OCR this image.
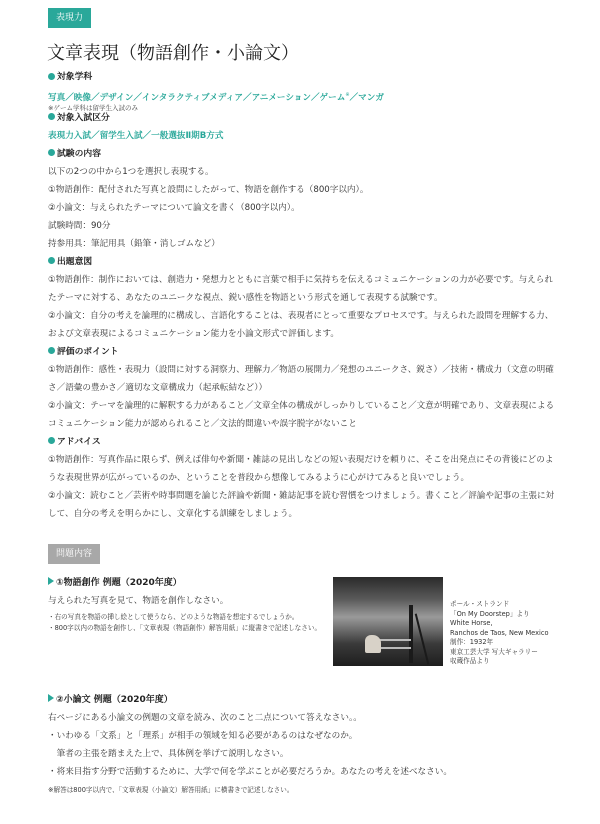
表現力
文章表現（物語創作・小論文）
対象学科
写真／映像／デザイン／インタラクティブメディア／アニメーション／ゲーム※／マンガ
※ゲーム学科は留学生入試のみ
対象入試区分
表現力入試／留学生入試／一般選抜Ⅱ期B方式
試験の内容

以下の2つの中から1つを選択し表現する。

①物語創作：配付された写真と設問にしたがって、物語を創作する（800字以内）。

②小論文：与えられたテーマについて論文を書く（800字以内）。

試験時間：90分

持参用具：筆記用具（鉛筆・消しゴムなど）

出題意図

①物語創作：制作においては、創造力・発想力とともに言葉で相手に気持ちを伝えるコミュニケーションの力が必要です。与えられたテーマに対する、あなたのユニークな視点、鋭い感性を物語という形式を通して表現する試験です。

②小論文：自分の考えを論理的に構成し、言語化することは、表現者にとって重要なプロセスです。与えられた設問を理解する力、および文章表現によるコミュニケーション能力を小論文形式で評価します。

評価のポイント

①物語創作：感性・表現力（設問に対する洞察力、理解力／物語の展開力／発想のユニークさ、鋭さ）／技術・構成力（文意の明確さ／語彙の豊かさ／適切な文章構成力（起承転結など））

②小論文：テーマを論理的に解釈する力があること／文章全体の構成がしっかりしていること／文意が明確であり、文章表現によるコミュニケーション能力が認められること／文法的間違いや誤字脱字がないこと

アドバイス

①物語創作：写真作品に限らず、例えば俳句や新聞・雑誌の見出しなどの短い表現だけを頼りに、そこを出発点にその背後にどのような表現世界が広がっているのか、ということを普段から想像してみるように心がけてみると良いでしょう。

②小論文：読むこと／芸術や時事問題を論じた評論や新聞・雑誌記事を読む習慣をつけましょう。書くこと／評論や記事の主張に対して、自分の考えを明らかにし、文章化する訓練をしましょう。

問題内容
①物語創作 例題（2020年度）

与えられた写真を見て、物語を創作しなさい。

・右の写真を物語の挿し絵として使うなら、どのような物語を想定するでしょうか。
・800字以内の物語を創作し、「文章表現（物語創作）解答用紙」に縦書きで記述しなさい。
ポール・ストランド
「On My Doorstep」より
White Horse,
Ranchos de Taos, New Mexico
制作：1932年
東京工芸大学 写大ギャラリー
収蔵作品より
②小論文 例題（2020年度）

右ページにある小論文の例題の文章を読み、次のこと二点について答えなさい。。

・いわゆる「文系」と「理系」が相手の領域を知る必要があるのはなぜなのか。

　筆者の主張を踏まえた上で、具体例を挙げて説明しなさい。

・将来目指す分野で活動するために、大学で何を学ぶことが必要だろうか。あなたの考えを述べなさい。

※解答は800字以内で、「文章表現（小論文）解答用紙」に横書きで記述しなさい。
